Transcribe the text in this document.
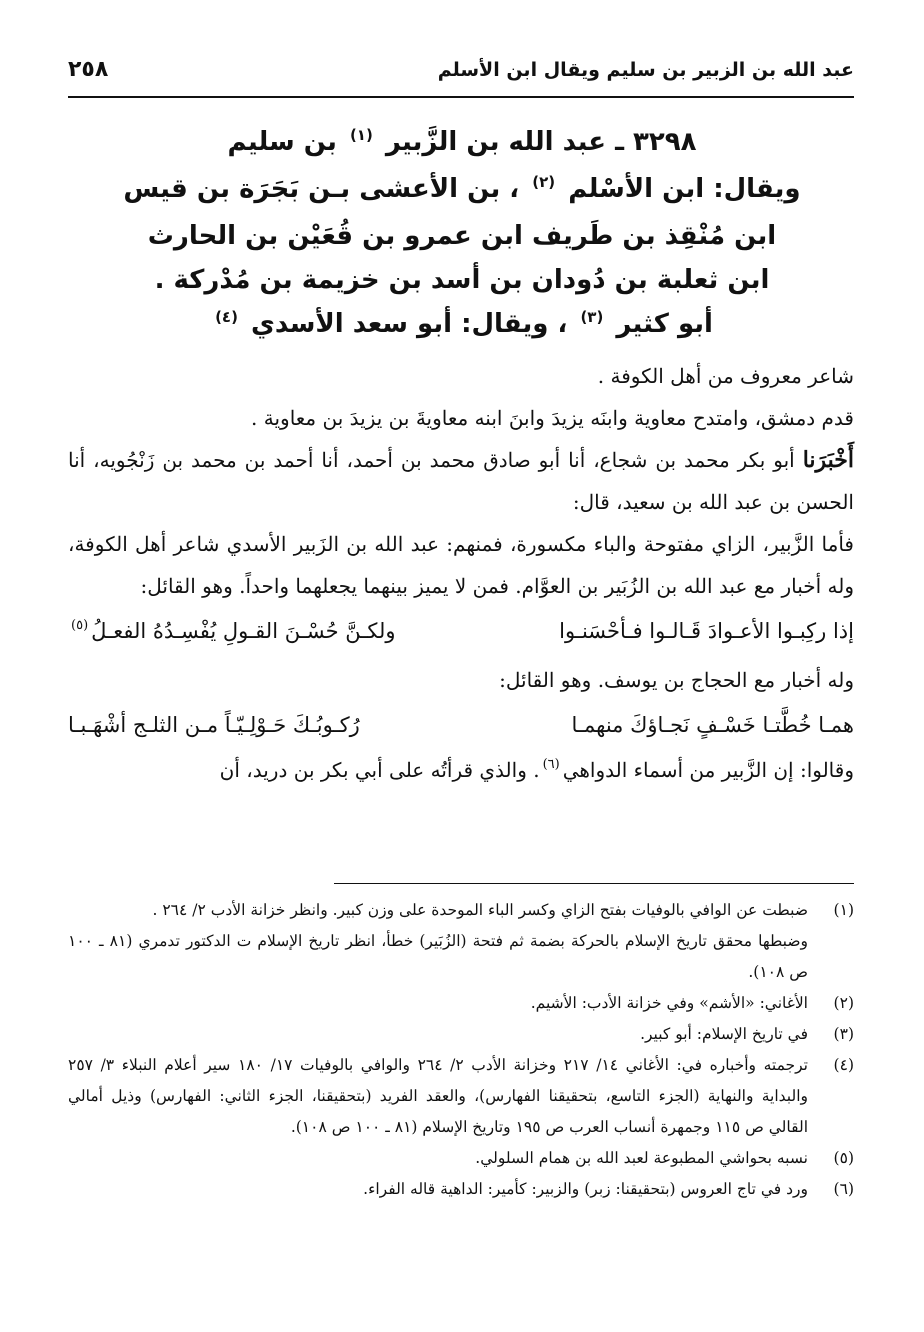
عبد الله بن الزبير بن سليم ويقال ابن الأسلم
٢٥٨
٣٢٩٨ ـ عبد الله بن الزَّبير $^{(١)}$ بن سليم
ويقال: ابن الأسْلم $^{(٢)}$ ، بن الأعشى بـن بَجَرَة بن قيس
ابن مُنْقِذ بن طَريف ابن عمرو بن قُعَيْن بن الحارث
ابن ثعلبة بن دُودان بن أسد بن خزيمة بن مُدْركة .
أبو كثير $^{(٣)}$ ، ويقال: أبو سعد الأسدي $^{(٤)}$

شاعر معروف من أهل الكوفة .

قدم دمشق، وامتدح معاوية وابنَه يزيدَ وابنَ ابنه معاويةَ بن يزيدَ بن معاوية .

أَخْبَرَنا أبو بكر محمد بن شجاع، أنا أبو صادق محمد بن أحمد، أنا أحمد بن محمد بن زَنْجُويه، أنا الحسن بن عبد الله بن سعيد، قال:

فأما الزَّبير، الزاي مفتوحة والباء مكسورة، فمنهم: عبد الله بن الزَبير الأسدي شاعر أهل الكوفة، وله أخبار مع عبد الله بن الزُبَير بن العوَّام. فمن لا يميز بينهما يجعلهما واحداً. وهو القائل:

إذا ركِبـوا الأعـوادَ قَـالـوا فـأحْسَنـوا
ولكـنَّ حُسْـنَ القـولِ يُفْسِـدُهُ الفعـلُ$^{(٥)}$

وله أخبار مع الحجاج بن يوسف. وهو القائل:

همـا خُطَّتـا خَسْـفٍ نَجـاؤكَ منهمـا
رُكـوبُـكَ حَـوْلِـيّـاً مـن الثلـج أشْهَـبـا

وقالوا: إن الزَّبير من أسماء الدواهي$^{(٦)}$. والذي قرأتُه على أبي بكر بن دريد، أن

(١)
ضبطت عن الوافي بالوفيات بفتح الزاي وكسر الباء الموحدة على وزن كبير. وانظر خزانة الأدب ٢/ ٢٦٤ .
وضبطها محقق تاريخ الإسلام بالحركة بضمة ثم فتحة (الزُبَير) خطأ، انظر تاريخ الإسلام ت الدكتور تدمري (٨١ ـ ١٠٠ ص ١٠٨).
(٢)
الأغاني: «الأشم» وفي خزانة الأدب: الأشيم.
(٣)
في تاريخ الإسلام: أبو كبير.
(٤)
ترجمته وأخباره في: الأغاني ١٤/ ٢١٧ وخزانة الأدب ٢/ ٢٦٤ والوافي بالوفيات ١٧/ ١٨٠ سير أعلام النبلاء ٣/ ٢٥٧ والبداية والنهاية (الجزء التاسع، بتحقيقنا الفهارس)، والعقد الفريد (بتحقيقنا، الجزء الثاني: الفهارس) وذيل أمالي القالي ص ١١٥ وجمهرة أنساب العرب ص ١٩٥ وتاريخ الإسلام (٨١ ـ ١٠٠ ص ١٠٨).
(٥)
نسبه بحواشي المطبوعة لعبد الله بن همام السلولي.
(٦)
ورد في تاج العروس (بتحقيقنا: زبر) والزبير: كأمير: الداهية قاله الفراء.
